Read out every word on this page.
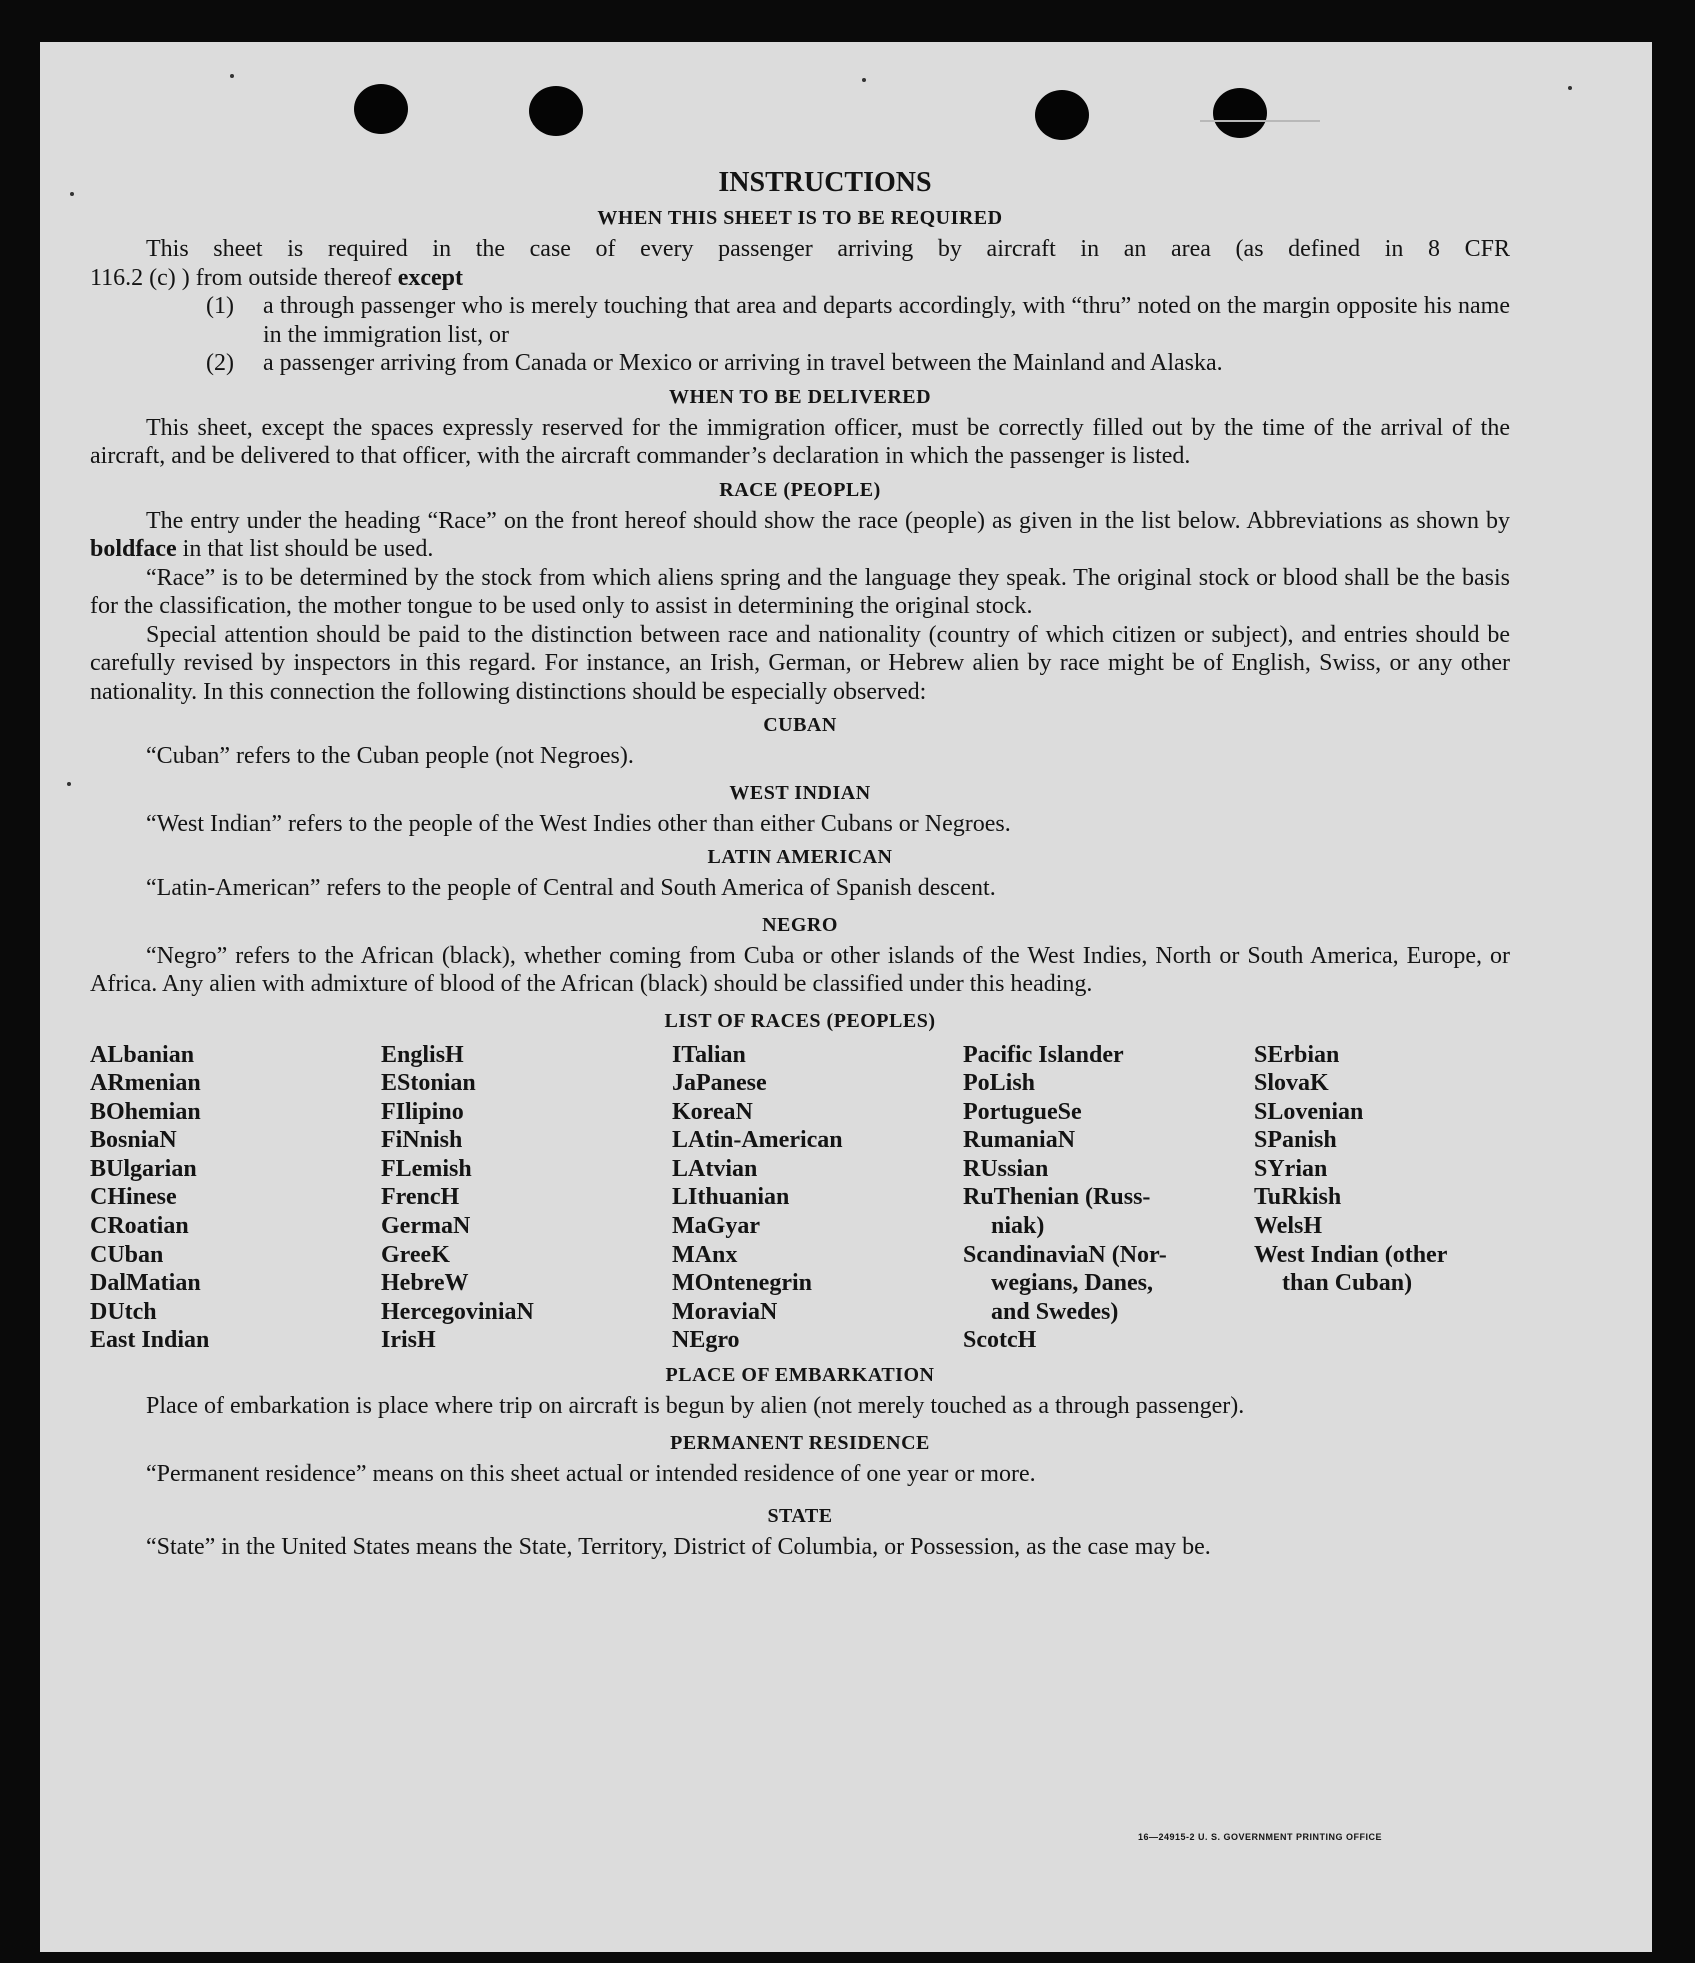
INSTRUCTIONS
WHEN THIS SHEET IS TO BE REQUIRED

This sheet is required in the case of every passenger arriving by aircraft in an area (as defined in 8 CFR

116.2 (c) ) from outside thereof except

(1)	a through passenger who is merely touching that area and departs accordingly, with “thru” noted on the margin opposite his name in the immigration list, or
(2)	a passenger arriving from Canada or Mexico or arriving in travel between the Mainland and Alaska.
WHEN TO BE DELIVERED

This sheet, except the spaces expressly reserved for the immigration officer, must be correctly filled out by the time of the arrival of the aircraft, and be delivered to that officer, with the aircraft commander’s declaration in which the passenger is listed.

RACE (PEOPLE)

The entry under the heading “Race” on the front hereof should show the race (people) as given in the list below. Abbreviations as shown by boldface in that list should be used.

“Race” is to be determined by the stock from which aliens spring and the language they speak. The original stock or blood shall be the basis for the classification, the mother tongue to be used only to assist in determining the original stock.

Special attention should be paid to the distinction between race and nationality (country of which citizen or subject), and entries should be carefully revised by inspectors in this regard. For instance, an Irish, German, or Hebrew alien by race might be of English, Swiss, or any other nationality. In this connection the following distinctions should be especially observed:

CUBAN

“Cuban” refers to the Cuban people (not Negroes).

WEST INDIAN

“West Indian” refers to the people of the West Indies other than either Cubans or Negroes.

LATIN AMERICAN

“Latin-American” refers to the people of Central and South America of Spanish descent.

NEGRO

“Negro” refers to the African (black), whether coming from Cuba or other islands of the West Indies, North or South America, Europe, or Africa. Any alien with admixture of blood of the African (black) should be classified under this heading.

LIST OF RACES (PEOPLES)
ALbanian
ARmenian
BOhemian
BosniaN
BUlgarian
CHinese
CRoatian
CUban
DalMatian
DUtch
East Indian
EnglisH
EStonian
FIlipino
FiNnish
FLemish
FrencH
GermaN
GreeK
HebreW
HercegoviniaN
IrisH
ITalian
JaPanese
KoreaN
LAtin-American
LAtvian
LIthuanian
MaGyar
MAnx
MOntenegrin
MoraviaN
NEgro
Pacific Islander
PoLish
PortugueSe
RumaniaN
RUssian
RuThenian (Russ-
niak)
ScandinaviaN (Nor-
wegians, Danes,
and Swedes)
ScotcH
SErbian
SlovaK
SLovenian
SPanish
SYrian
TuRkish
WelsH
West Indian (other
than Cuban)
PLACE OF EMBARKATION

Place of embarkation is place where trip on aircraft is begun by alien (not merely touched as a through passenger).

PERMANENT RESIDENCE

“Permanent residence” means on this sheet actual or intended residence of one year or more.

STATE

“State” in the United States means the State, Territory, District of Columbia, or Possession, as the case may be.

16—24915-2 U. S. GOVERNMENT PRINTING OFFICE
